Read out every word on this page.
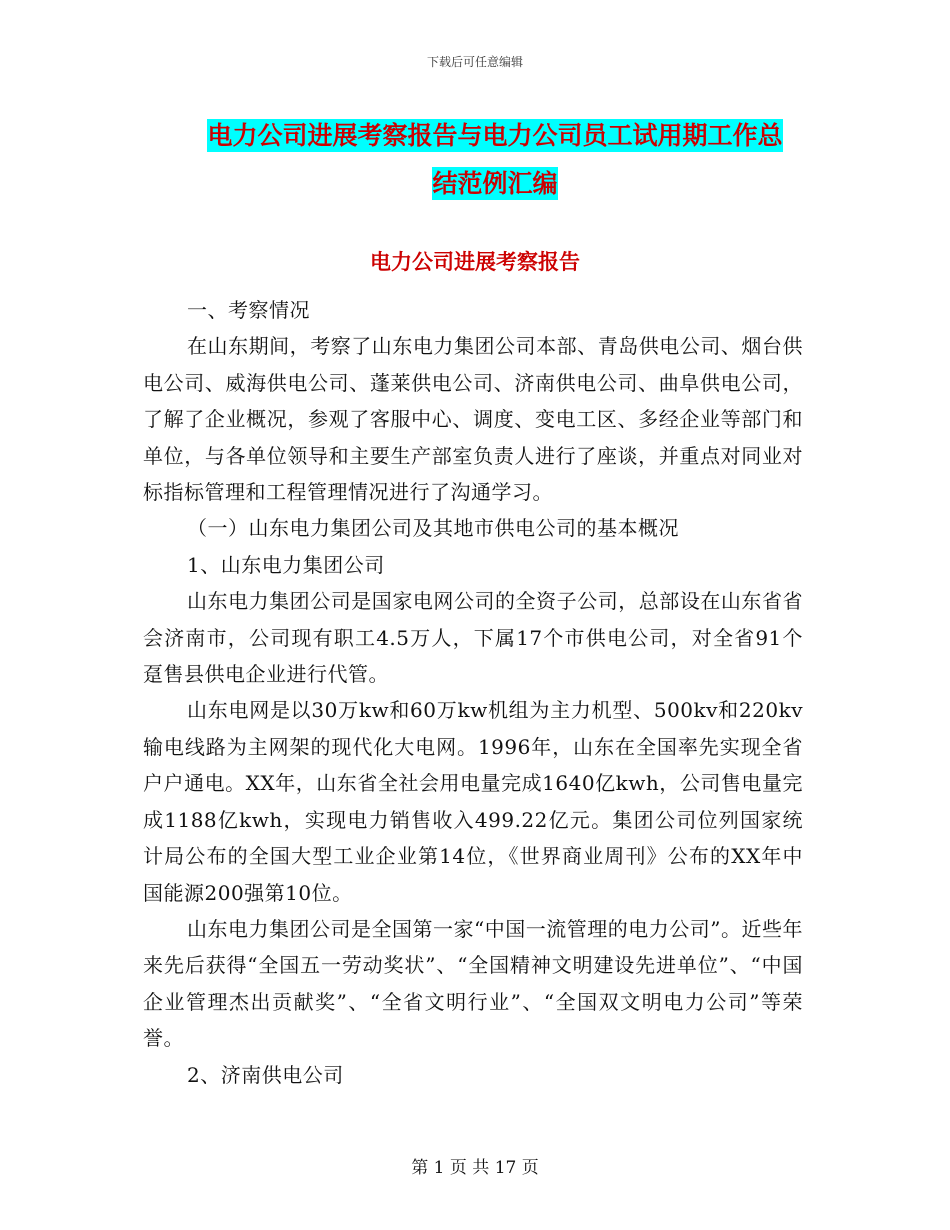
下载后可任意编辑
电力公司进展考察报告与电力公司员工试用期工作总
结范例汇编
电力公司进展考察报告

一、考察情况

在山东期间，考察了山东电力集团公司本部、青岛供电公司、烟台供电公司、威海供电公司、蓬莱供电公司、济南供电公司、曲阜供电公司，了解了企业概况，参观了客服中心、调度、变电工区、多经企业等部门和单位，与各单位领导和主要生产部室负责人进行了座谈，并重点对同业对标指标管理和工程管理情况进行了沟通学习。

（一）山东电力集团公司及其地市供电公司的基本概况

1、山东电力集团公司

山东电力集团公司是国家电网公司的全资子公司，总部设在山东省省会济南市，公司现有职工4.5万人，下属17个市供电公司，对全省91个趸售县供电企业进行代管。

山东电网是以30万kw和60万kw机组为主力机型、500kv和220kv输电线路为主网架的现代化大电网。1996年，山东在全国率先实现全省户户通电。XX年，山东省全社会用电量完成1640亿kwh，公司售电量完成1188亿kwh，实现电力销售收入499.22亿元。集团公司位列国家统计局公布的全国大型工业企业第14位，《世界商业周刊》公布的XX年中国能源200强第10位。

山东电力集团公司是全国第一家“中国一流管理的电力公司”。近些年来先后获得“全国五一劳动奖状”、“全国精神文明建设先进单位”、“中国企业管理杰出贡献奖”、“全省文明行业”、“全国双文明电力公司”等荣誉。

2、济南供电公司

第 1 页 共 17 页
